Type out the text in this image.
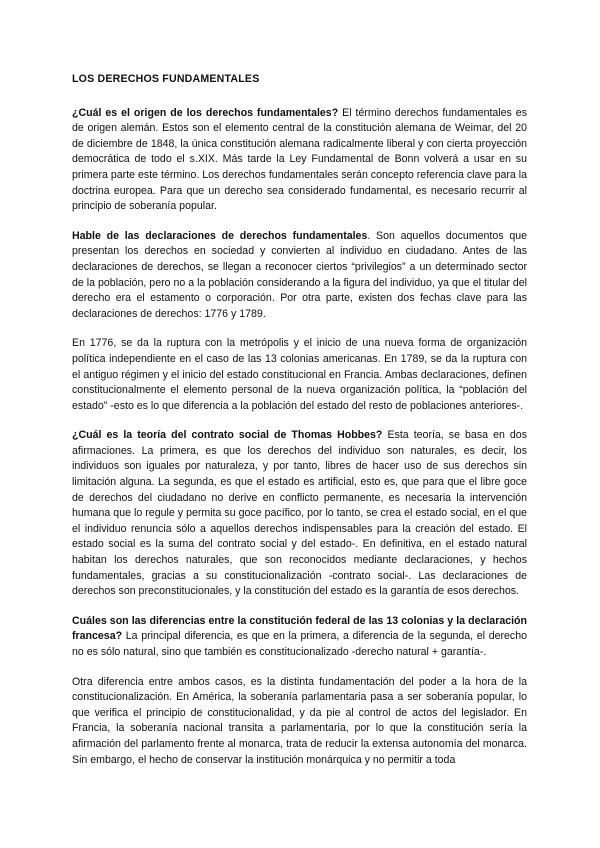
LOS DERECHOS FUNDAMENTALES

¿Cuál es el origen de los derechos fundamentales? El término derechos fundamentales es de origen alemán. Estos son el elemento central de la constitución alemana de Weimar, del 20 de diciembre de 1848, la única constitución alemana radicalmente liberal y con cierta proyección democrática de todo el s.XIX. Más tarde la Ley Fundamental de Bonn volverá a usar en su primera parte este término. Los derechos fundamentales serán concepto referencia clave para la doctrina europea. Para que un derecho sea considerado fundamental, es necesario recurrir al principio de soberanía popular.

Hable de las declaraciones de derechos fundamentales. Son aquellos documentos que presentan los derechos en sociedad y convierten al individuo en ciudadano. Antes de las declaraciones de derechos, se llegan a reconocer ciertos “privilegios” a un determinado sector de la población, pero no a la población considerando a la figura del individuo, ya que el titular del derecho era el estamento o corporación. Por otra parte, existen dos fechas clave para las declaraciones de derechos: 1776 y 1789.

En 1776, se da la ruptura con la metrópolis y el inicio de una nueva forma de organización política independiente en el caso de las 13 colonias americanas. En 1789, se da la ruptura con el antiguo régimen y el inicio del estado constitucional en Francia. Ambas declaraciones, definen constitucionalmente el elemento personal de la nueva organización política, la “población del estado” -esto es lo que diferencia a la población del estado del resto de poblaciones anteriores-.

¿Cuál es la teoría del contrato social de Thomas Hobbes? Esta teoría, se basa en dos afirmaciones. La primera, es que los derechos del individuo son naturales, es decir, los individuos son iguales por naturaleza, y por tanto, libres de hacer uso de sus derechos sin limitación alguna. La segunda, es que el estado es artificial, esto es, que para que el libre goce de derechos del ciudadano no derive en conflicto permanente, es necesaria la intervención humana que lo regule y permita su goce pacífico, por lo tanto, se crea el estado social, en el que el individuo renuncia sólo a aquellos derechos indispensables para la creación del estado. El estado social es la suma del contrato social y del estado-. En definitiva, en el estado natural habitan los derechos naturales, que son reconocidos mediante declaraciones, y hechos fundamentales, gracias a su constitucionalización -contrato social-. Las declaraciones de derechos son preconstitucionales, y la constitución del estado es la garantía de esos derechos.

Cuáles son las diferencias entre la constitución federal de las 13 colonias y la declaración francesa? La principal diferencia, es que en la primera, a diferencia de la segunda, el derecho no es sólo natural, sino que también es constitucionalizado -derecho natural + garantía-.

Otra diferencia entre ambos casos, es la distinta fundamentación del poder a la hora de la constitucionalización. En América, la soberanía parlamentaria pasa a ser soberanía popular, lo que verifica el principio de constitucionalidad, y da pie al control de actos del legislador. En Francia, la soberanía nacional transita a parlamentaria, por lo que la constitución sería la afirmación del parlamento frente al monarca, trata de reducir la extensa autonomía del monarca. Sin embargo, el hecho de conservar la institución monárquica y no permitir a toda
